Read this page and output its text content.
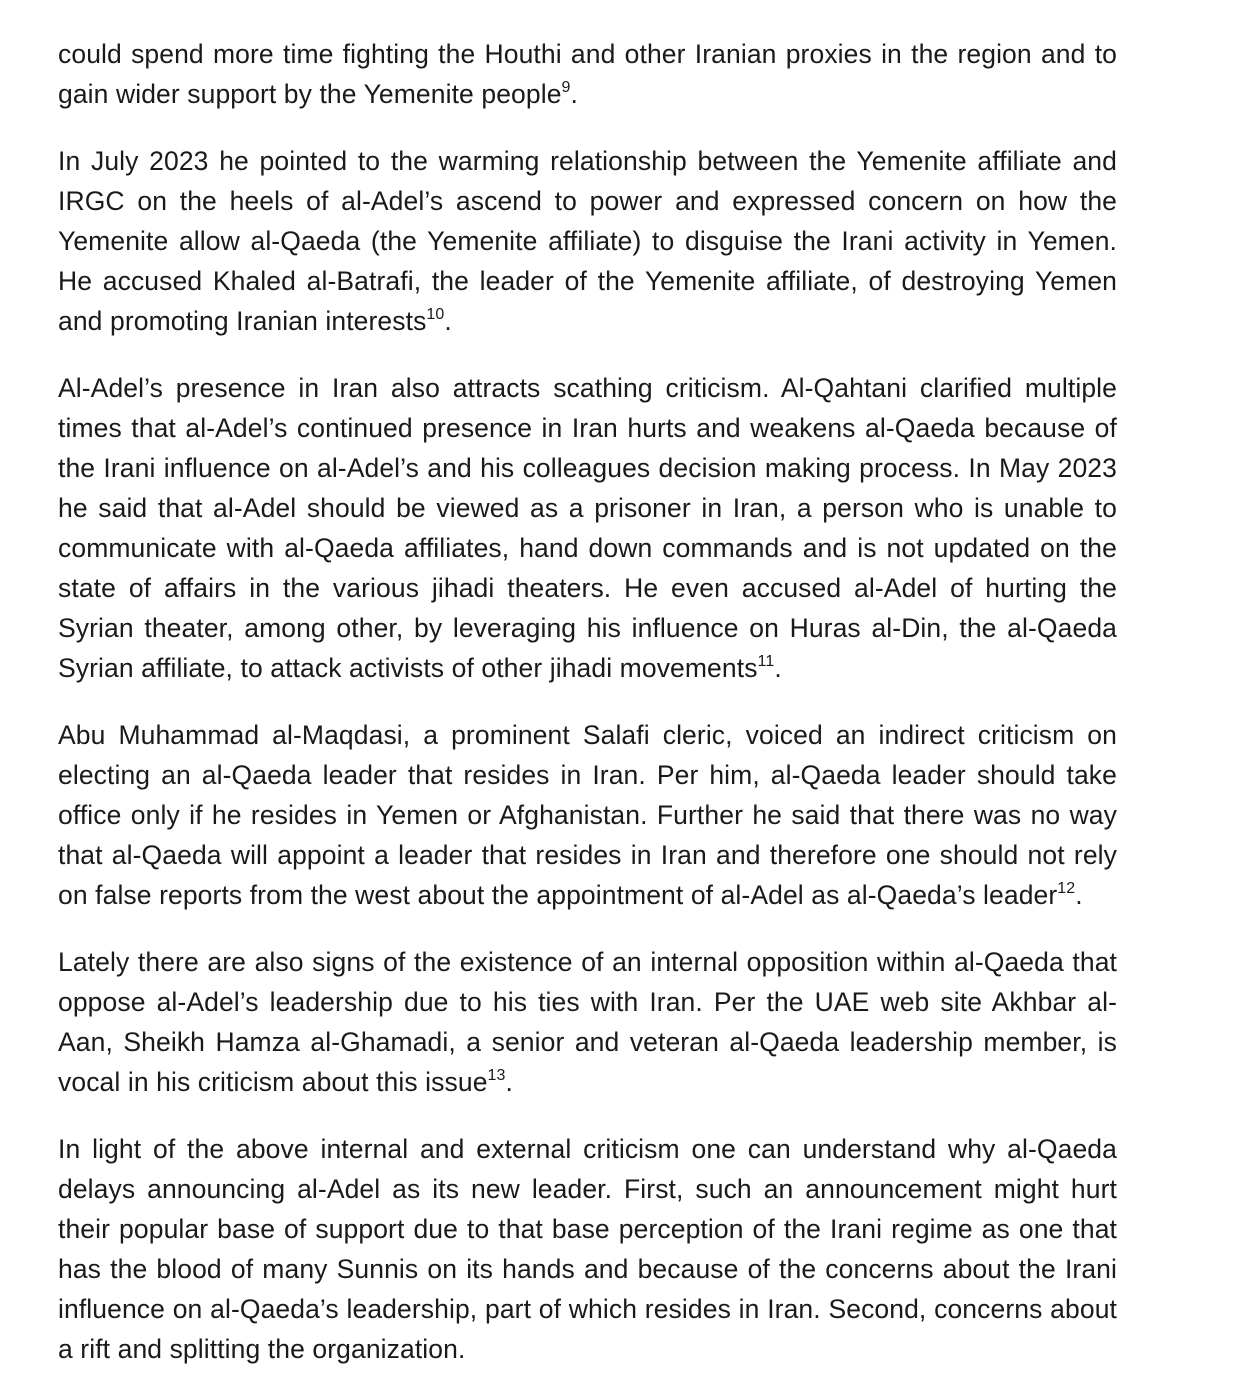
could spend more time fighting the Houthi and other Iranian proxies in the region and to gain wider support by the Yemenite people$^9$.

In July 2023 he pointed to the warming relationship between the Yemenite affiliate and IRGC on the heels of al-Adel’s ascend to power and expressed concern on how the Yemenite allow al-Qaeda (the Yemenite affiliate) to disguise the Irani activity in Yemen. He accused Khaled al-Batrafi, the leader of the Yemenite affiliate, of destroying Yemen and promoting Iranian interests$^{10}$.

Al-Adel’s presence in Iran also attracts scathing criticism. Al-Qahtani clarified multiple times that al-Adel’s continued presence in Iran hurts and weakens al-Qaeda because of the Irani influence on al-Adel’s and his colleagues decision making process. In May 2023 he said that al-Adel should be viewed as a prisoner in Iran, a person who is unable to communicate with al-Qaeda affiliates, hand down commands and is not updated on the state of affairs in the various jihadi theaters. He even accused al-Adel of hurting the Syrian theater, among other, by leveraging his influence on Huras al-Din, the al-Qaeda Syrian affiliate, to attack activists of other jihadi movements$^{11}$.

Abu Muhammad al-Maqdasi, a prominent Salafi cleric, voiced an indirect criticism on electing an al-Qaeda leader that resides in Iran. Per him, al-Qaeda leader should take office only if he resides in Yemen or Afghanistan. Further he said that there was no way that al-Qaeda will appoint a leader that resides in Iran and therefore one should not rely on false reports from the west about the appointment of al-Adel as al-Qaeda’s leader$^{12}$.

Lately there are also signs of the existence of an internal opposition within al-Qaeda that oppose al-Adel’s leadership due to his ties with Iran. Per the UAE web site Akhbar al-Aan, Sheikh Hamza al-Ghamadi, a senior and veteran al-Qaeda leadership member, is vocal in his criticism about this issue$^{13}$.

In light of the above internal and external criticism one can understand why al-Qaeda delays announcing al-Adel as its new leader. First, such an announcement might hurt their popular base of support due to that base perception of the Irani regime as one that has the blood of many Sunnis on its hands and because of the concerns about the Irani influence on al-Qaeda’s leadership, part of which resides in Iran. Second, concerns about a rift and splitting the organization.
